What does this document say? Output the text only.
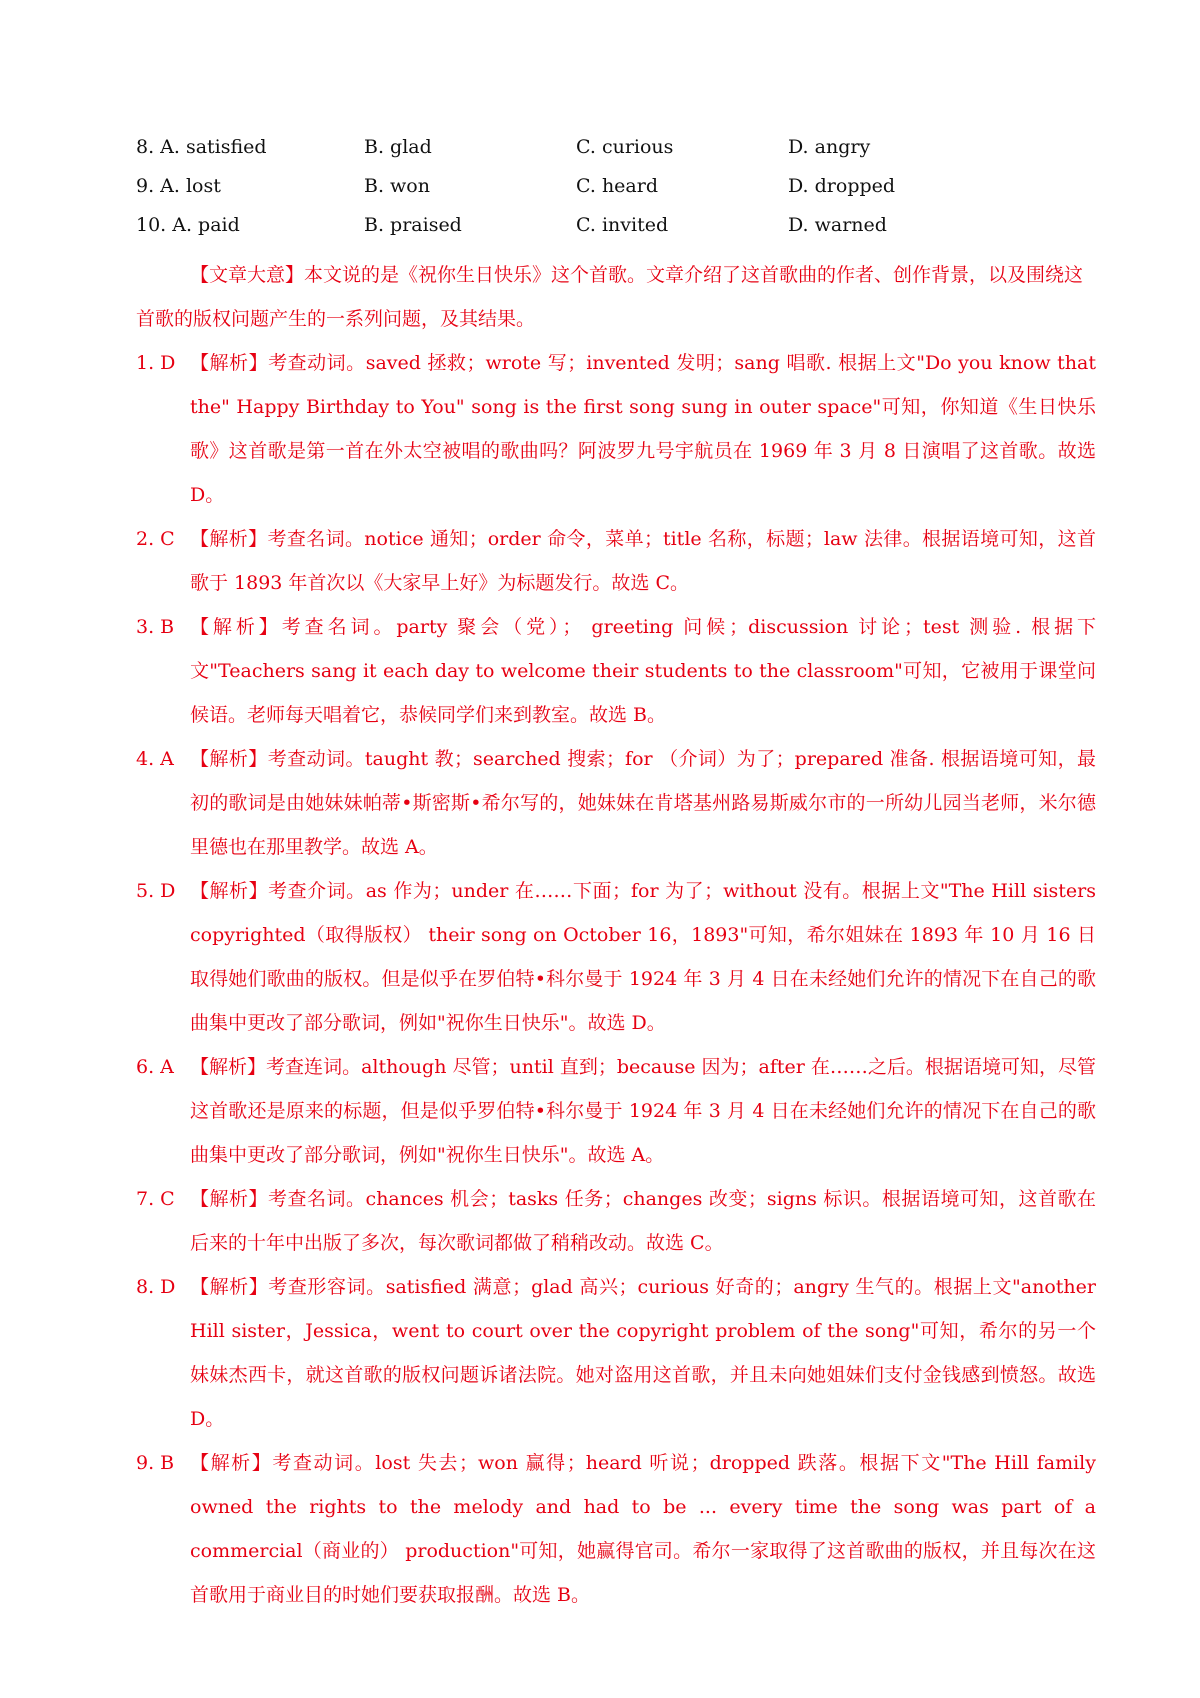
8. A. satisfied	B. glad	C. curious	D. angry
9. A. lost	B. won	C. heard	D. dropped
10. A. paid	B. praised	C. invited	D. warned

【文章大意】本文说的是《祝你生日快乐》这个首歌。文章介绍了这首歌曲的作者、创作背景，以及围绕这首歌的版权问题产生的一系列问题，及其结果。

1. D 【解析】考查动词。saved 拯救；wrote 写；invented 发明；sang 唱歌. 根据上文"Do you know that the" Happy Birthday to You" song is the first song sung in outer space"可知，你知道《生日快乐歌》这首歌是第一首在外太空被唱的歌曲吗？阿波罗九号宇航员在 1969 年 3 月 8 日演唱了这首歌。故选 D。

2. C 【解析】考查名词。notice 通知；order 命令，菜单；title 名称，标题；law 法律。根据语境可知，这首歌于 1893 年首次以《大家早上好》为标题发行。故选 C。

3. B 【解析】考查名词。party 聚会（党）； greeting 问候；discussion 讨论；test 测验. 根据下文"Teachers sang it each day to welcome their students to the classroom"可知，它被用于课堂问候语。老师每天唱着它，恭候同学们来到教室。故选 B。

4. A 【解析】考查动词。taught 教；searched 搜索；for （介词）为了；prepared 准备. 根据语境可知，最初的歌词是由她妹妹帕蒂•斯密斯•希尔写的，她妹妹在肯塔基州路易斯威尔市的一所幼儿园当老师，米尔德里德也在那里教学。故选 A。

5. D 【解析】考查介词。as 作为；under 在……下面；for 为了；without 没有。根据上文"The Hill sisters copyrighted（取得版权） their song on October 16，1893"可知，希尔姐妹在 1893 年 10 月 16 日取得她们歌曲的版权。但是似乎在罗伯特•科尔曼于 1924 年 3 月 4 日在未经她们允许的情况下在自己的歌曲集中更改了部分歌词，例如"祝你生日快乐"。故选 D。

6. A 【解析】考查连词。although 尽管；until 直到；because 因为；after 在……之后。根据语境可知，尽管这首歌还是原来的标题，但是似乎罗伯特•科尔曼于 1924 年 3 月 4 日在未经她们允许的情况下在自己的歌曲集中更改了部分歌词，例如"祝你生日快乐"。故选 A。

7. C 【解析】考查名词。chances 机会；tasks 任务；changes 改变；signs 标识。根据语境可知，这首歌在后来的十年中出版了多次，每次歌词都做了稍稍改动。故选 C。

8. D 【解析】考查形容词。satisfied 满意；glad 高兴；curious 好奇的；angry 生气的。根据上文"another Hill sister，Jessica，went to court over the copyright problem of the song"可知，希尔的另一个妹妹杰西卡，就这首歌的版权问题诉诸法院。她对盗用这首歌，并且未向她姐妹们支付金钱感到愤怒。故选 D。

9. B 【解析】考查动词。lost 失去；won 赢得；heard 听说；dropped 跌落。根据下文"The Hill family owned the rights to the melody and had to be ... every time the song was part of a commercial（商业的） production"可知，她赢得官司。希尔一家取得了这首歌曲的版权，并且每次在这首歌用于商业目的时她们要获取报酬。故选 B。
